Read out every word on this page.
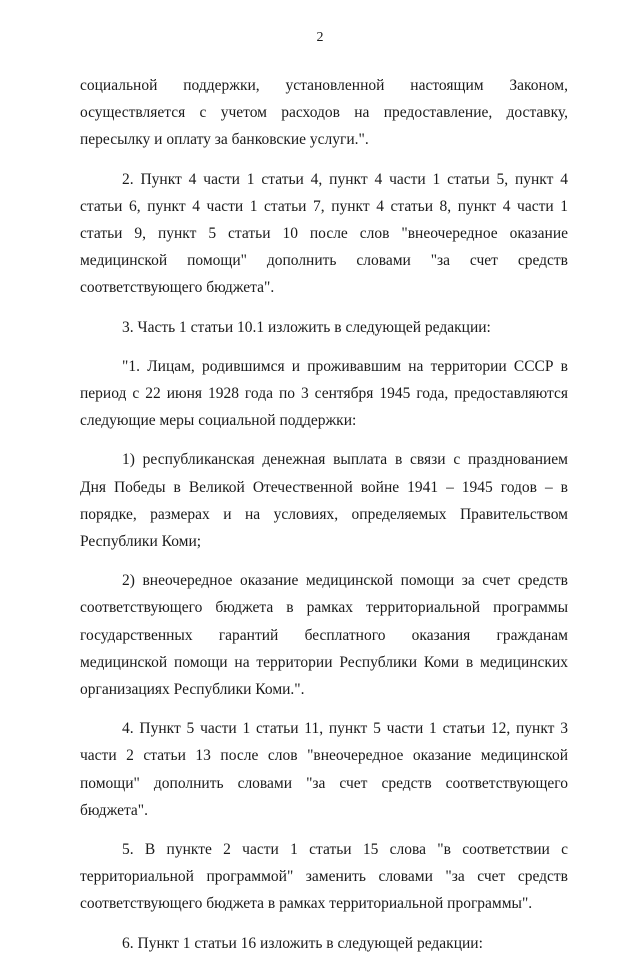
2

социальной поддержки, установленной настоящим Законом, осуществляется с учетом расходов на предоставление, доставку, пересылку и оплату за банковские услуги.".

2. Пункт 4 части 1 статьи 4, пункт 4 части 1 статьи 5, пункт 4 статьи 6, пункт 4 части 1 статьи 7, пункт 4 статьи 8, пункт 4 части 1 статьи 9, пункт 5 статьи 10 после слов "внеочередное оказание медицинской помощи" дополнить словами "за счет средств соответствующего бюджета".

3. Часть 1 статьи 10.1 изложить в следующей редакции:

"1. Лицам, родившимся и проживавшим на территории СССР в период с 22 июня 1928 года по 3 сентября 1945 года, предоставляются следующие меры социальной поддержки:

1) республиканская денежная выплата в связи с празднованием Дня Победы в Великой Отечественной войне 1941 – 1945 годов – в порядке, размерах и на условиях, определяемых Правительством Республики Коми;

2) внеочередное оказание медицинской помощи за счет средств соответствующего бюджета в рамках территориальной программы государственных гарантий бесплатного оказания гражданам медицинской помощи на территории Республики Коми в медицинских организациях Республики Коми.".

4. Пункт 5 части 1 статьи 11, пункт 5 части 1 статьи 12, пункт 3 части 2 статьи 13 после слов "внеочередное оказание медицинской помощи" дополнить словами "за счет средств соответствующего бюджета".

5. В пункте 2 части 1 статьи 15 слова "в соответствии с территориальной программой" заменить словами "за счет средств соответствующего бюджета в рамках территориальной программы".

6. Пункт 1 статьи 16 изложить в следующей редакции:
